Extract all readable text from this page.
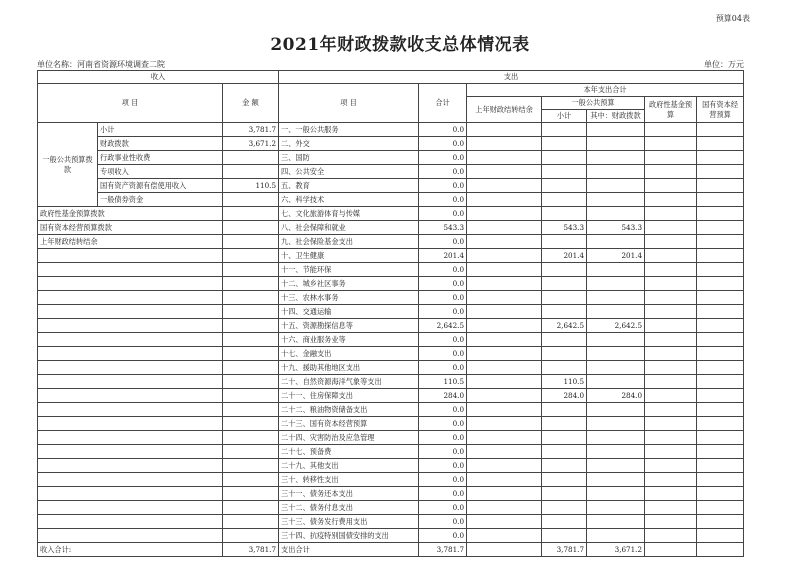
预算04表
2021年财政拨款收支总体情况表
单位名称：河南省资源环境调查二院	单位：万元
收入			支出						
项 目		金 额	项 目	合计	本年支出合计				
					上年财政结转结余	一般公共预算		政府性基金预算	国有资本经营预算
						小计	其中：财政拨款		
一般公共预算拨款	小计	3,781.7	一、一般公共服务	0.0					
	财政拨款	3,671.2	二、外交	0.0					
	行政事业性收费		三、国防	0.0					
	专项收入		四、公共安全	0.0					
	国有资产资源有偿使用收入	110.5	五、教育	0.0					
	一般债券资金		六、科学技术	0.0					
政府性基金预算拨款			七、文化旅游体育与传媒	0.0					
国有资本经营预算拨款			八、社会保障和就业	543.3		543.3	543.3		
上年财政结转结余			九、社会保险基金支出	0.0					
			十、卫生健康	201.4		201.4	201.4		
			十一、节能环保	0.0					
			十二、城乡社区事务	0.0					
			十三、农林水事务	0.0					
			十四、交通运输	0.0					
			十五、资源勘探信息等	2,642.5		2,642.5	2,642.5		
			十六、商业服务业等	0.0					
			十七、金融支出	0.0					
			十九、援助其他地区支出	0.0					
			二十、自然资源海洋气象等支出	110.5		110.5			
			二十一、住房保障支出	284.0		284.0	284.0		
			二十二、粮油物资储备支出	0.0					
			二十三、国有资本经营预算	0.0					
			二十四、灾害防治及应急管理	0.0					
			二十七、预备费	0.0					
			二十九、其他支出	0.0					
			三十、转移性支出	0.0					
			三十一、债务还本支出	0.0					
			三十二、债务付息支出	0.0					
			三十三、债务发行费用支出	0.0					
			三十四、抗疫特别国债安排的支出	0.0					
收入合计:		3,781.7	支出合计	3,781.7		3,781.7	3,671.2		
